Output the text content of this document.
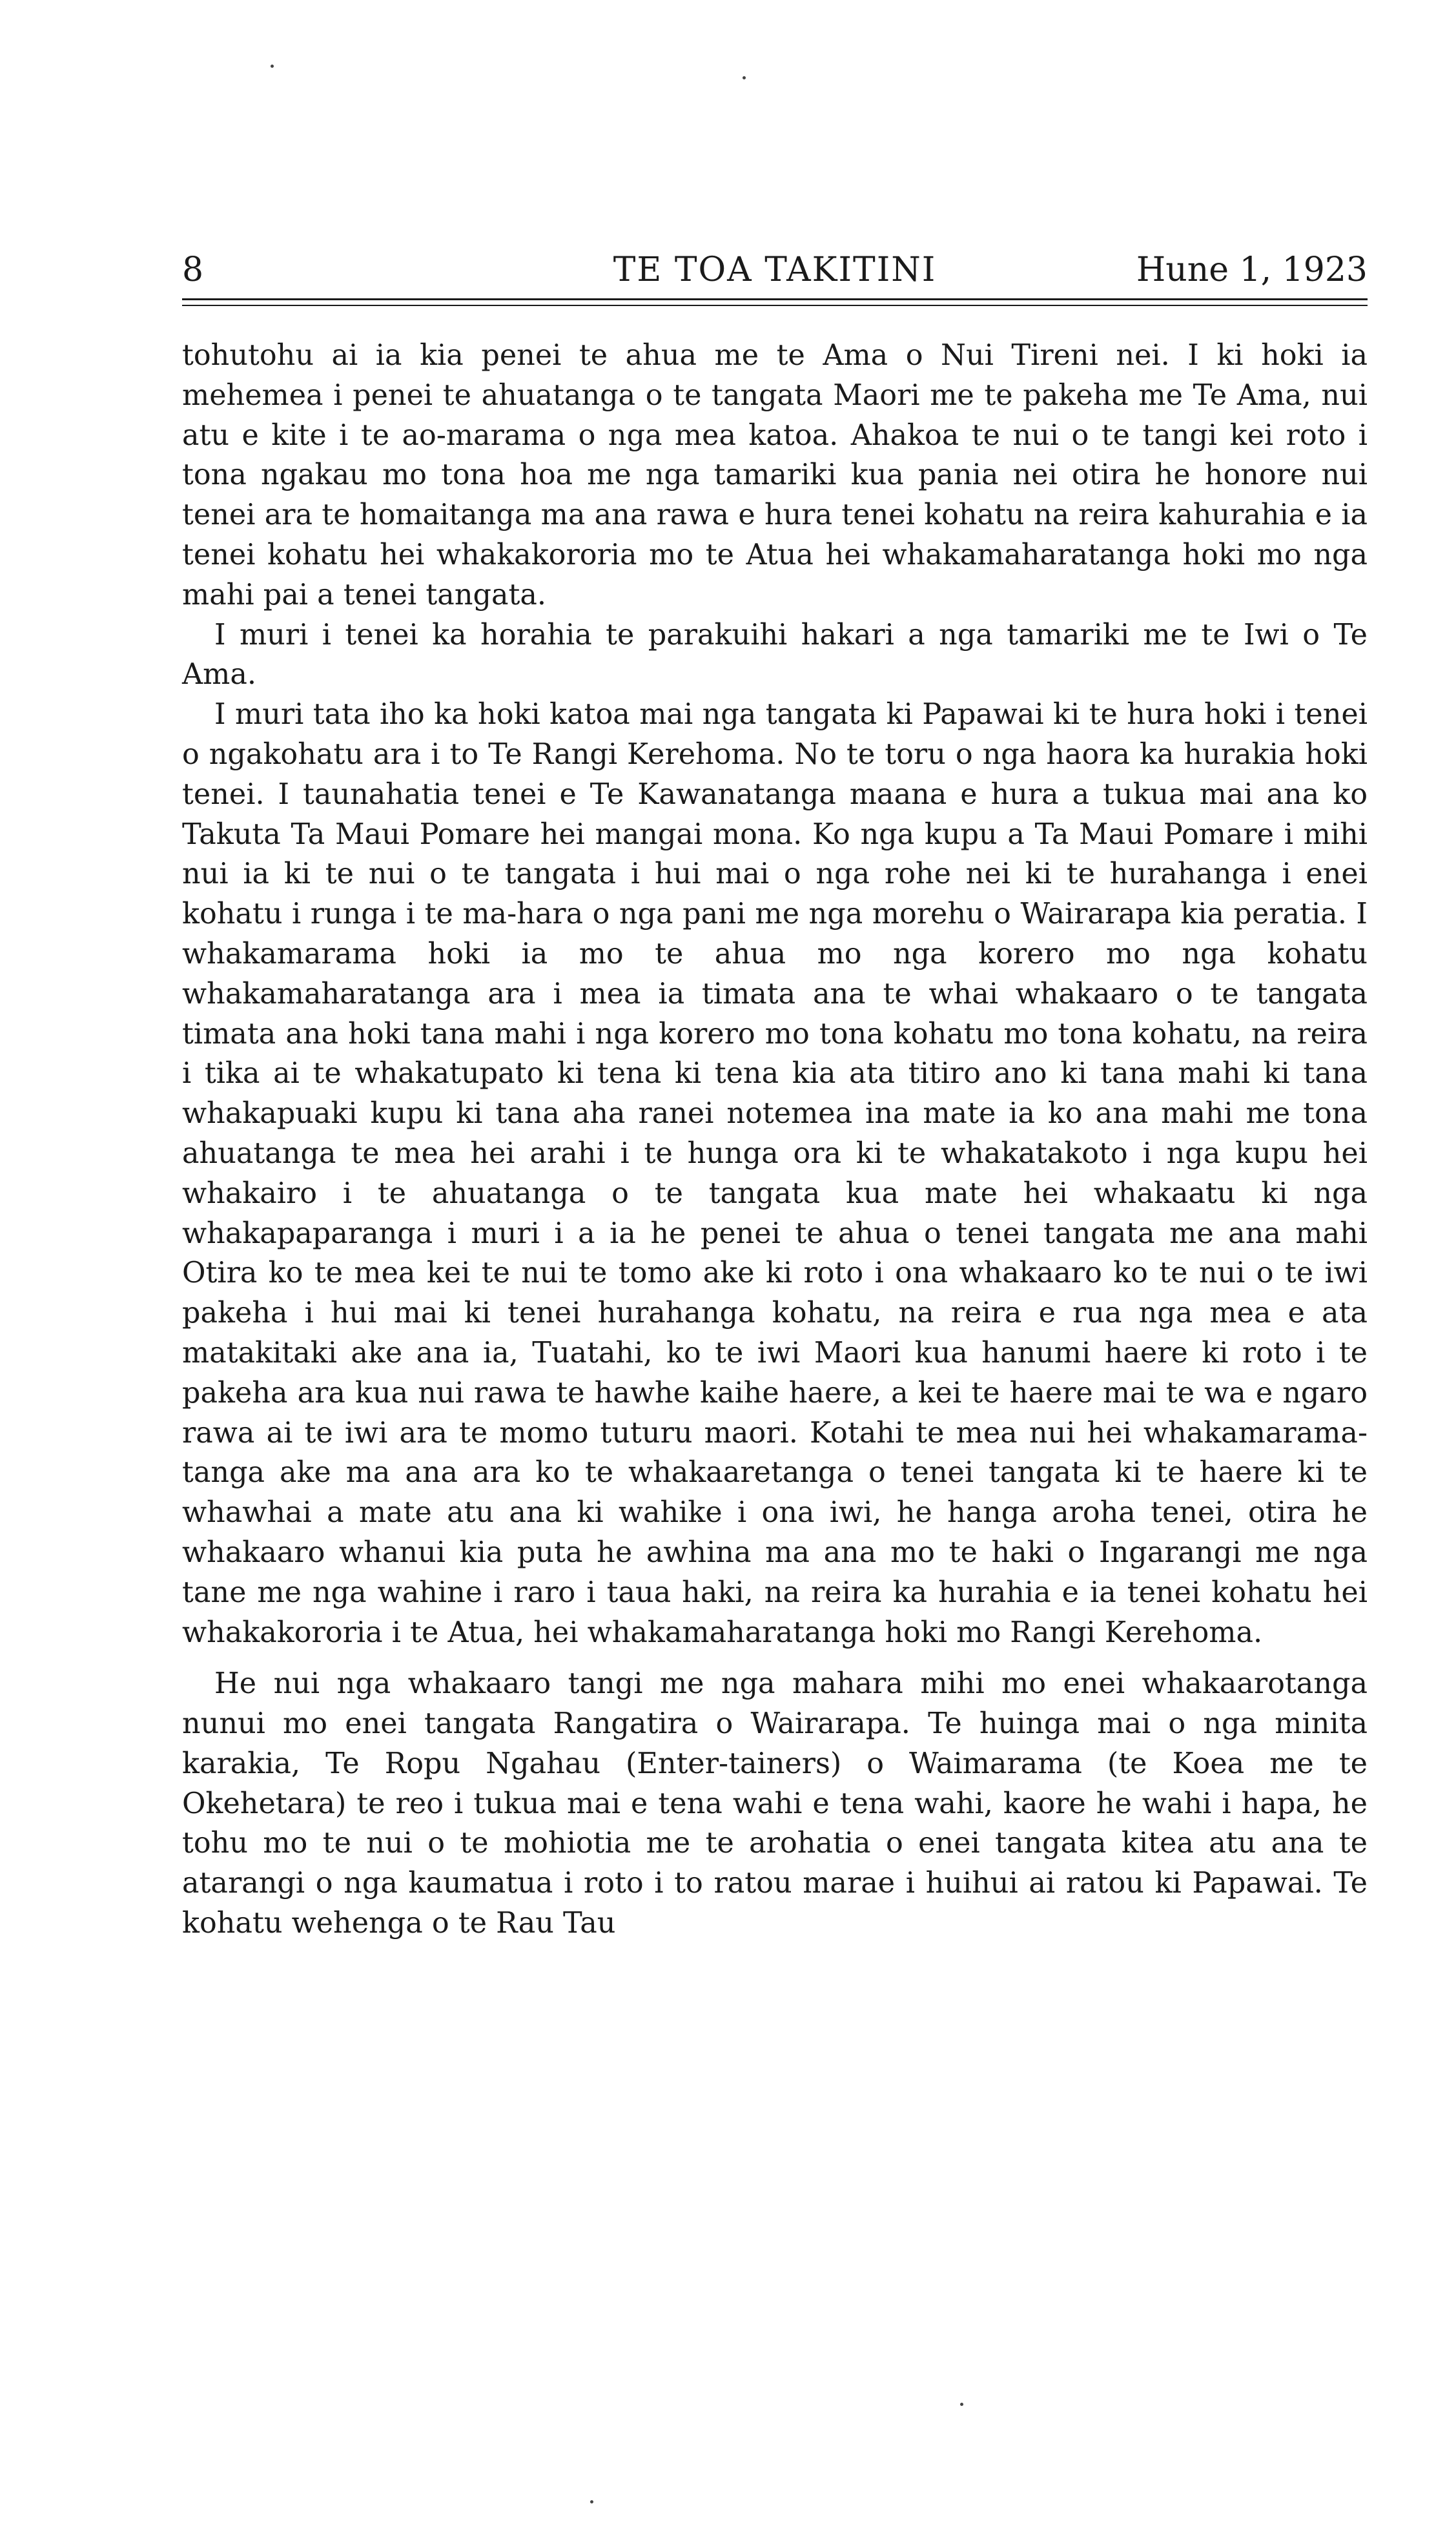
8	TE TOA TAKITINI	Hune 1, 1923

tohutohu ai ia kia penei te ahua me te Ama o Nui Tireni nei. I ki hoki ia mehemea i penei te ahuatanga o te tangata Maori me te pakeha me Te Ama, nui atu e kite i te ao-marama o nga mea katoa. Ahakoa te nui o te tangi kei roto i tona ngakau mo tona hoa me nga tamariki kua pania nei otira he honore nui tenei ara te homaitanga ma ana rawa e hura tenei kohatu na reira kahurahia e ia tenei kohatu hei whakakororia mo te Atua hei whakamaharatanga hoki mo nga mahi pai a tenei tangata.

I muri i tenei ka horahia te parakuihi hakari a nga tamariki me te Iwi o Te Ama.

I muri tata iho ka hoki katoa mai nga tangata ki Papawai ki te hura hoki i tenei o ngakohatu ara i to Te Rangi Kerehoma. No te toru o nga haora ka hurakia hoki tenei. I taunahatia tenei e Te Kawanatanga maana e hura a tukua mai ana ko Takuta Ta Maui Pomare hei mangai mona. Ko nga kupu a Ta Maui Pomare i mihi nui ia ki te nui o te tangata i hui mai o nga rohe nei ki te hurahanga i enei kohatu i runga i te ma-hara o nga pani me nga morehu o Wairarapa kia peratia. I whakamarama hoki ia mo te ahua mo nga korero mo nga kohatu whakamaharatanga ara i mea ia timata ana te whai whakaaro o te tangata timata ana hoki tana mahi i nga korero mo tona kohatu mo tona kohatu, na reira i tika ai te whakatupato ki tena ki tena kia ata titiro ano ki tana mahi ki tana whakapuaki kupu ki tana aha ranei notemea ina mate ia ko ana mahi me tona ahuatanga te mea hei arahi i te hunga ora ki te whakatakoto i nga kupu hei whakairo i te ahuatanga o te tangata kua mate hei whakaatu ki nga whakapaparanga i muri i a ia he penei te ahua o tenei tangata me ana mahi Otira ko te mea kei te nui te tomo ake ki roto i ona whakaaro ko te nui o te iwi pakeha i hui mai ki tenei hurahanga kohatu, na reira e rua nga mea e ata matakitaki ake ana ia, Tuatahi, ko te iwi Maori kua hanumi haere ki roto i te pakeha ara kua nui rawa te hawhe kaihe haere, a kei te haere mai te wa e ngaro rawa ai te iwi ara te momo tuturu maori. Kotahi te mea nui hei whakamarama-tanga ake ma ana ara ko te whakaaretanga o tenei tangata ki te haere ki te whawhai a mate atu ana ki wahike i ona iwi, he hanga aroha tenei, otira he whakaaro whanui kia puta he awhina ma ana mo te haki o Ingarangi me nga tane me nga wahine i raro i taua haki, na reira ka hurahia e ia tenei kohatu hei whakakororia i te Atua, hei whakamaharatanga hoki mo Rangi Kerehoma.

He nui nga whakaaro tangi me nga mahara mihi mo enei whakaarotanga nunui mo enei tangata Rangatira o Wairarapa. Te huinga mai o nga minita karakia, Te Ropu Ngahau (Enter-tainers) o Waimarama (te Koea me te Okehetara) te reo i tukua mai e tena wahi e tena wahi, kaore he wahi i hapa, he tohu mo te nui o te mohiotia me te arohatia o enei tangata kitea atu ana te atarangi o nga kaumatua i roto i to ratou marae i huihui ai ratou ki Papawai. Te kohatu wehenga o te Rau Tau
